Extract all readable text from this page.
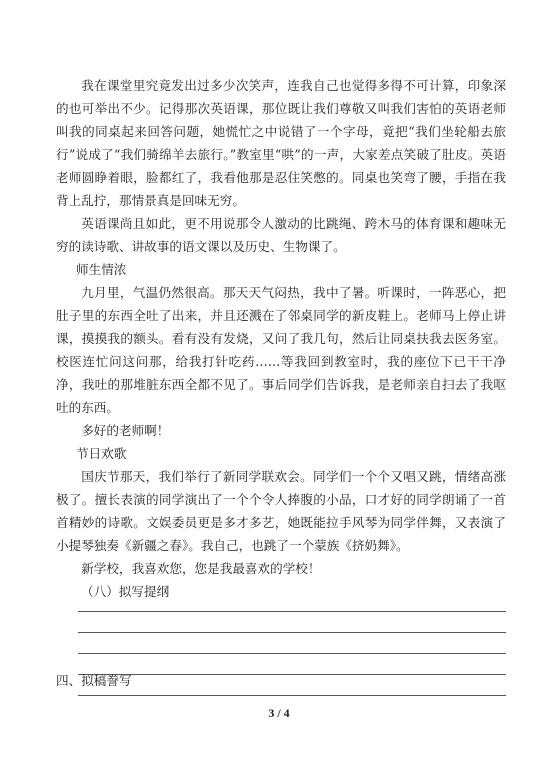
我在课堂里究竟发出过多少次笑声，连我自己也觉得多得不可计算，印象深的也可举出不少。记得那次英语课，那位既让我们尊敬又叫我们害怕的英语老师叫我的同桌起来回答问题，她慌忙之中说错了一个字母，竟把“我们坐轮船去旅行”说成了“我们骑绵羊去旅行。”教室里“哄”的一声，大家差点笑破了肚皮。英语老师圆睁着眼，脸都红了，我看他那是忍住笑憋的。同桌也笑弯了腰，手指在我背上乱拧，那情景真是回味无穷。

英语课尚且如此，更不用说那令人激动的比跳绳、跨木马的体育课和趣味无穷的读诗歌、讲故事的语文课以及历史、生物课了。

师生情浓

九月里，气温仍然很高。那天天气闷热，我中了暑。听课时，一阵恶心，把肚子里的东西全吐了出来，并且还溅在了邻桌同学的新皮鞋上。老师马上停止讲课，摸摸我的额头。看有没有发烧，又问了我几句，然后让同桌扶我去医务室。校医连忙问这问那，给我打针吃药……等我回到教室时，我的座位下已干干净净，我吐的那堆脏东西全都不见了。事后同学们告诉我，是老师亲自扫去了我呕吐的东西。

多好的老师啊！

节日欢歌

国庆节那天，我们举行了新同学联欢会。同学们一个个又唱又跳，情绪高涨极了。擅长表演的同学演出了一个个令人捧腹的小品，口才好的同学朗诵了一首首精妙的诗歌。文娱委员更是多才多艺，她既能拉手风琴为同学伴舞，又表演了小提琴独奏《新疆之春》。我自己，也跳了一个蒙族《挤奶舞》。

新学校，我喜欢您，您是我最喜欢的学校！

（八）拟写提纲

四、拟稿誊写
3 / 4
